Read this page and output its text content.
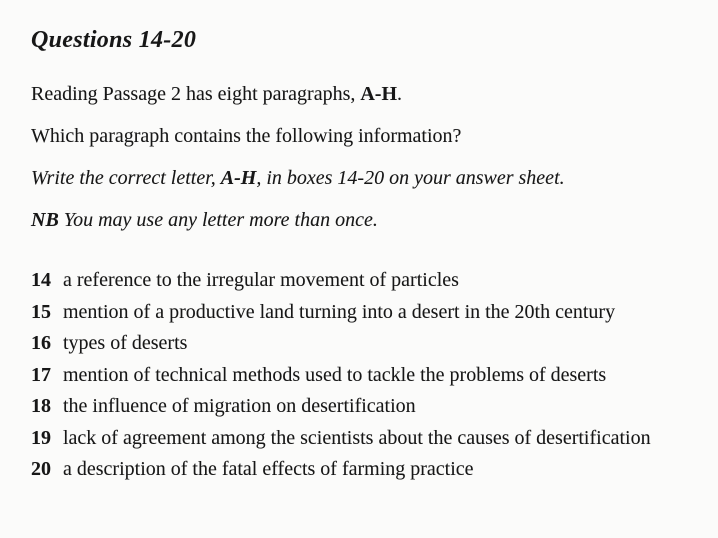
Questions 14-20

Reading Passage 2 has eight paragraphs, A-H.

Which paragraph contains the following information?

Write the correct letter, A-H, in boxes 14-20 on your answer sheet.

NB You may use any letter more than once.

14 a reference to the irregular movement of particles
15 mention of a productive land turning into a desert in the 20th century
16 types of deserts
17 mention of technical methods used to tackle the problems of deserts
18 the influence of migration on desertification
19 lack of agreement among the scientists about the causes of desertification
20 a description of the fatal effects of farming practice
